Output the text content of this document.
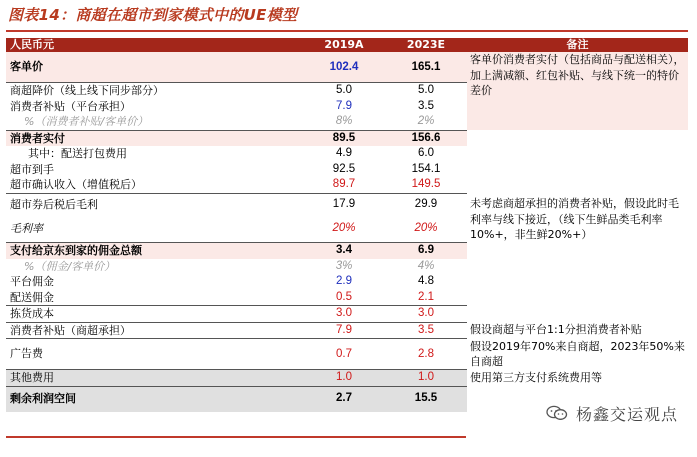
图表14：商超在超市到家模式中的UE模型
人民币元	2019A	2023E	备注
客单价	102.4	165.1	客单价消费者实付（包括商品与配送相关），加上满减额、红包补贴、与线下统一的特价差价
商超降价（线上线下同步部分）	5.0	5.0	
消费者补贴（平台承担）	7.9	3.5	
%（消费者补贴/客单价）	8%	2%	
消费者实付	89.5	156.6	
其中：配送打包费用	4.9	6.0	
超市到手	92.5	154.1	
超市确认收入（增值税后）	89.7	149.5	
超市券后税后毛利	17.9	29.9	未考虑商超承担的消费者补贴，假设此时毛利率与线下接近，（线下生鲜品类毛利率10%+，非生鲜20%+）
毛利率	20%	20%	
支付给京东到家的佣金总额	3.4	6.9	
%（佣金/客单价）	3%	4%	
平台佣金	2.9	4.8	
配送佣金	0.5	2.1	
拣货成本	3.0	3.0	
消费者补贴（商超承担）	7.9	3.5	假设商超与平台1:1分担消费者补贴
广告费	0.7	2.8	假设2019年70%来自商超，2023年50%来自商超
其他费用	1.0	1.0	使用第三方支付系统费用等
剩余利润空间	2.7	15.5	
杨鑫交运观点
